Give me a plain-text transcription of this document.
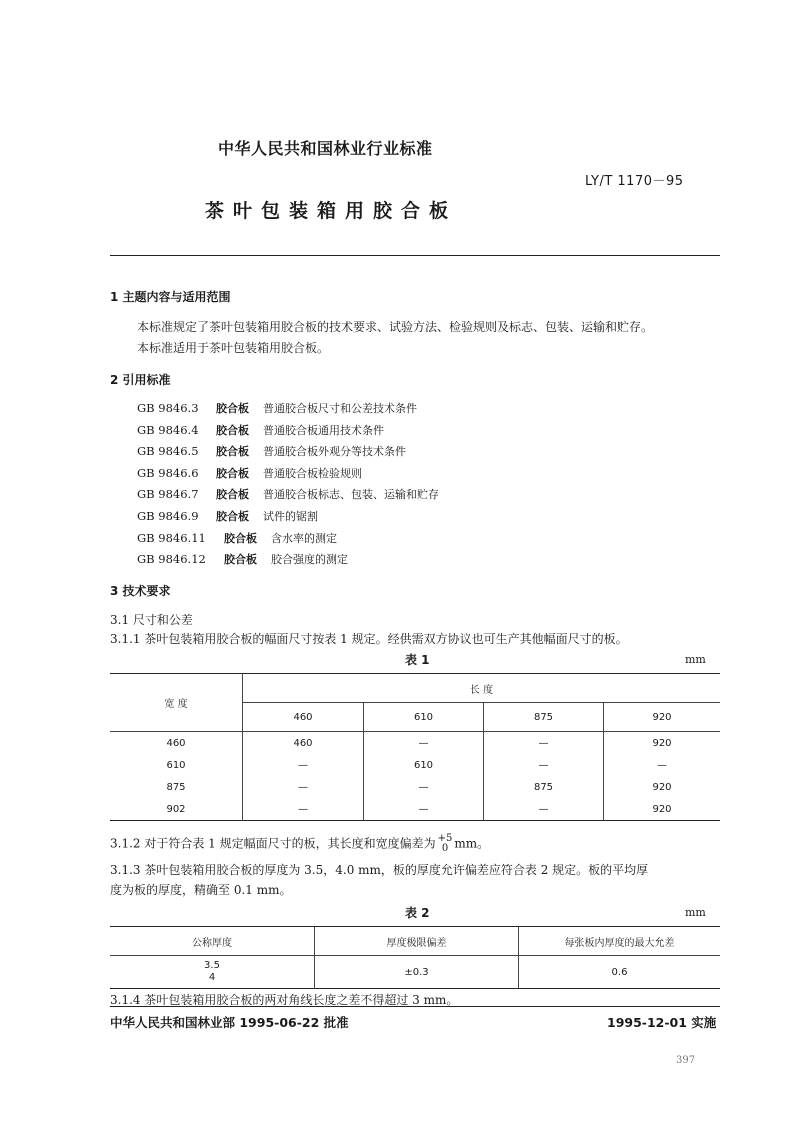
中华人民共和国林业行业标准
LY/T 1170－95
茶叶包装箱用胶合板
1 主题内容与适用范围
本标准规定了茶叶包装箱用胶合板的技术要求、试验方法、检验规则及标志、包装、运输和贮存。
本标准适用于茶叶包装箱用胶合板。
2 引用标准
GB 9846.3 胶合板 普通胶合板尺寸和公差技术条件
GB 9846.4 胶合板 普通胶合板通用技术条件
GB 9846.5 胶合板 普通胶合板外观分等技术条件
GB 9846.6 胶合板 普通胶合板检验规则
GB 9846.7 胶合板 普通胶合板标志、包装、运输和贮存
GB 9846.9 胶合板 试件的锯割
GB 9846.11 胶合板 含水率的测定
GB 9846.12 胶合板 胶合强度的测定
3 技术要求
3.1 尺寸和公差
3.1.1 茶叶包装箱用胶合板的幅面尺寸按表 1 规定。经供需双方协议也可生产其他幅面尺寸的板。
表 1	mm
宽 度	长 度			
	460	610	875	920
460	460	—	—	920
610	—	610	—	—
875	—	—	875	920
902	—	—	—	920
3.1.2 对于符合表 1 规定幅面尺寸的板，其长度和宽度偏差为 +5
0 mm。
3.1.3 茶叶包装箱用胶合板的厚度为 3.5，4.0 mm，板的厚度允许偏差应符合表 2 规定。板的平均厚
度为板的厚度，精确至 0.1 mm。
表 2	mm
公称厚度	厚度极限偏差	每张板内厚度的最大允差

3.5
4	±0.3	0.6
3.1.4 茶叶包装箱用胶合板的两对角线长度之差不得超过 3 mm。
中华人民共和国林业部 1995-06-22 批准	1995-12-01 实施
397
